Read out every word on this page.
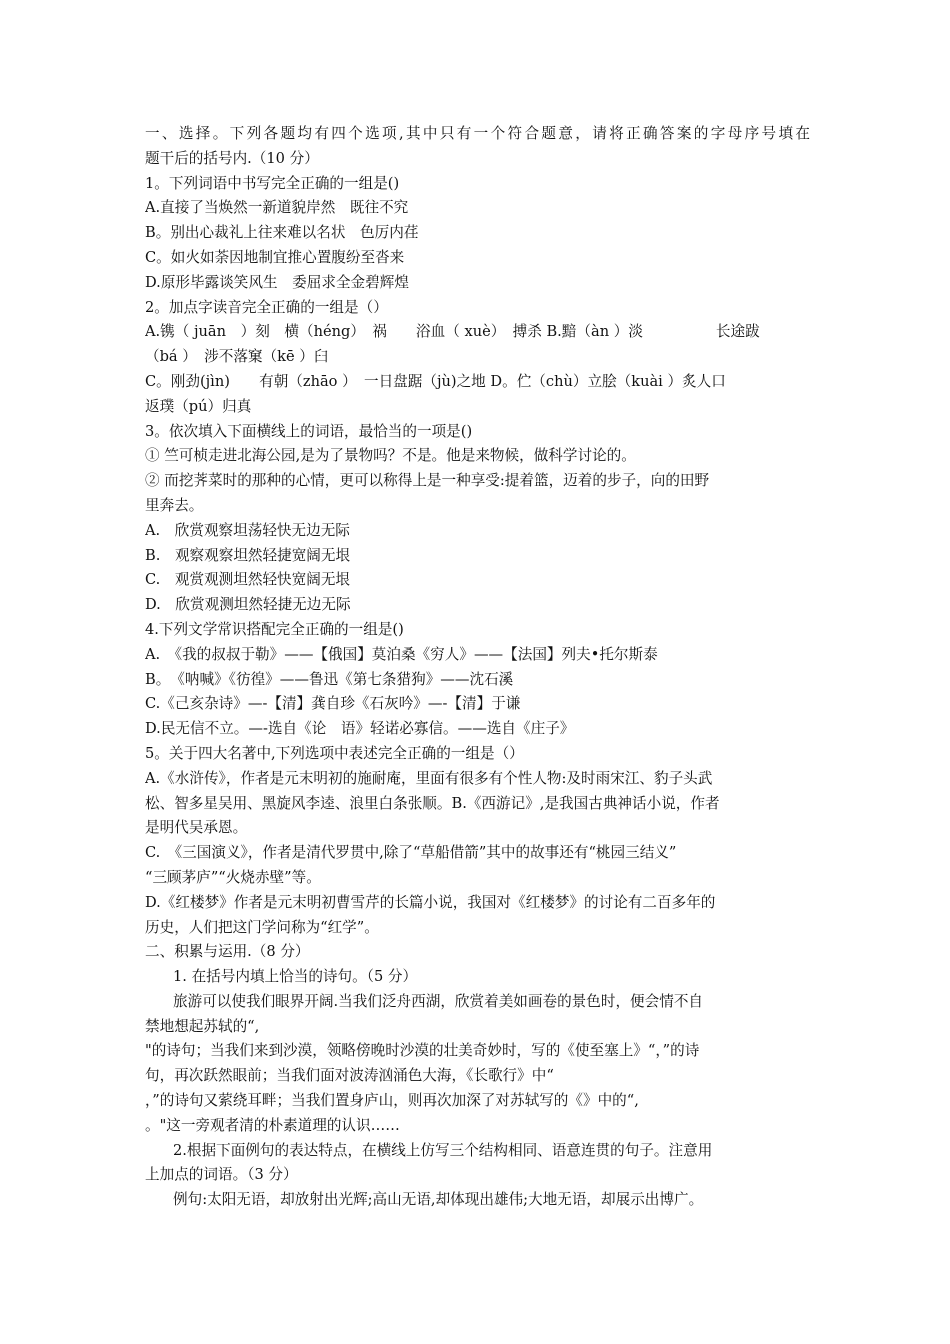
一、选择。下列各题均有四个选项,其中只有一个符合题意，请将正确答案的字母序号填在
题干后的括号内.（10 分）
1。下列词语中书写完全正确的一组是()
A.直接了当焕然一新道貌岸然　既往不究
B。别出心裁礼上往来难以名状　色厉内荏
C。如火如荼因地制宜推心置腹纷至沓来
D.原形毕露谈笑风生　委屈求全金碧辉煌
2。加点字读音完全正确的一组是（）
A.镌（ juān　）刻　横（héng）　祸　　浴血（ xuè）　搏杀 B.黯（àn ）淡　　　　　长途跋
（bá ）　涉不落窠（kē ）臼
C。刚劲(jìn)　　有朝（zhāo ）　一日盘踞（jù)之地 D。伫（chù）立脍（kuài ）炙人口
返璞（pú）归真
3。依次填入下面横线上的词语，最恰当的一项是()
① 竺可桢走进北海公园,是为了景物吗？不是。他是来物候，做科学讨论的。
② 而挖荠菜时的那种的心情，更可以称得上是一种享受:提着篮，迈着的步子，向的田野
里奔去。
A.　欣赏观察坦荡轻快无边无际
B.　观察观察坦然轻捷宽阔无垠
C.　观赏观测坦然轻快宽阔无垠
D.　欣赏观测坦然轻捷无边无际
4.下列文学常识搭配完全正确的一组是()
A.　《我的叔叔于勒》——【俄国】莫泊桑《穷人》——【法国】列夫•托尔斯泰
B。　《呐喊》《彷徨》——鲁迅《第七条猎狗》——沈石溪
C.《己亥杂诗》—-【清】龚自珍《石灰吟》—-【清】于谦
D.民无信不立。—-选自《论　语》轻诺必寡信。——选自《庄子》
5。关于四大名著中,下列选项中表述完全正确的一组是（）
A.《水浒传》，作者是元末明初的施耐庵，里面有很多有个性人物:及时雨宋江、豹子头武
松、智多星吴用、黑旋风李逵、浪里白条张顺。B.《西游记》,是我国古典神话小说，作者
是明代吴承恩。
C.　《三国演义》，作者是清代罗贯中,除了“草船借箭”其中的故事还有“桃园三结义”
“三顾茅庐”“火烧赤壁”等。
D.《红楼梦》作者是元末明初曹雪芹的长篇小说，我国对《红楼梦》的讨论有二百多年的
历史，人们把这门学问称为“红学”。
二、积累与运用.（8 分）
1. 在括号内填上恰当的诗句。（5 分）
旅游可以使我们眼界开阔.当我们泛舟西湖，欣赏着美如画卷的景色时，便会情不自
禁地想起苏轼的“,
"的诗句；当我们来到沙漠，领略傍晚时沙漠的壮美奇妙时，写的《使至塞上》“，”的诗
句，再次跃然眼前；当我们面对波涛汹涌色大海，《长歌行》中“
，”的诗句又萦绕耳畔；当我们置身庐山，则再次加深了对苏轼写的《》中的“,
。"这一旁观者清的朴素道理的认识……
2.根据下面例句的表达特点，在横线上仿写三个结构相同、语意连贯的句子。注意用
上加点的词语。（3 分）
例句:太阳无语，却放射出光辉;高山无语,却体现出雄伟;大地无语，却展示出博广。
